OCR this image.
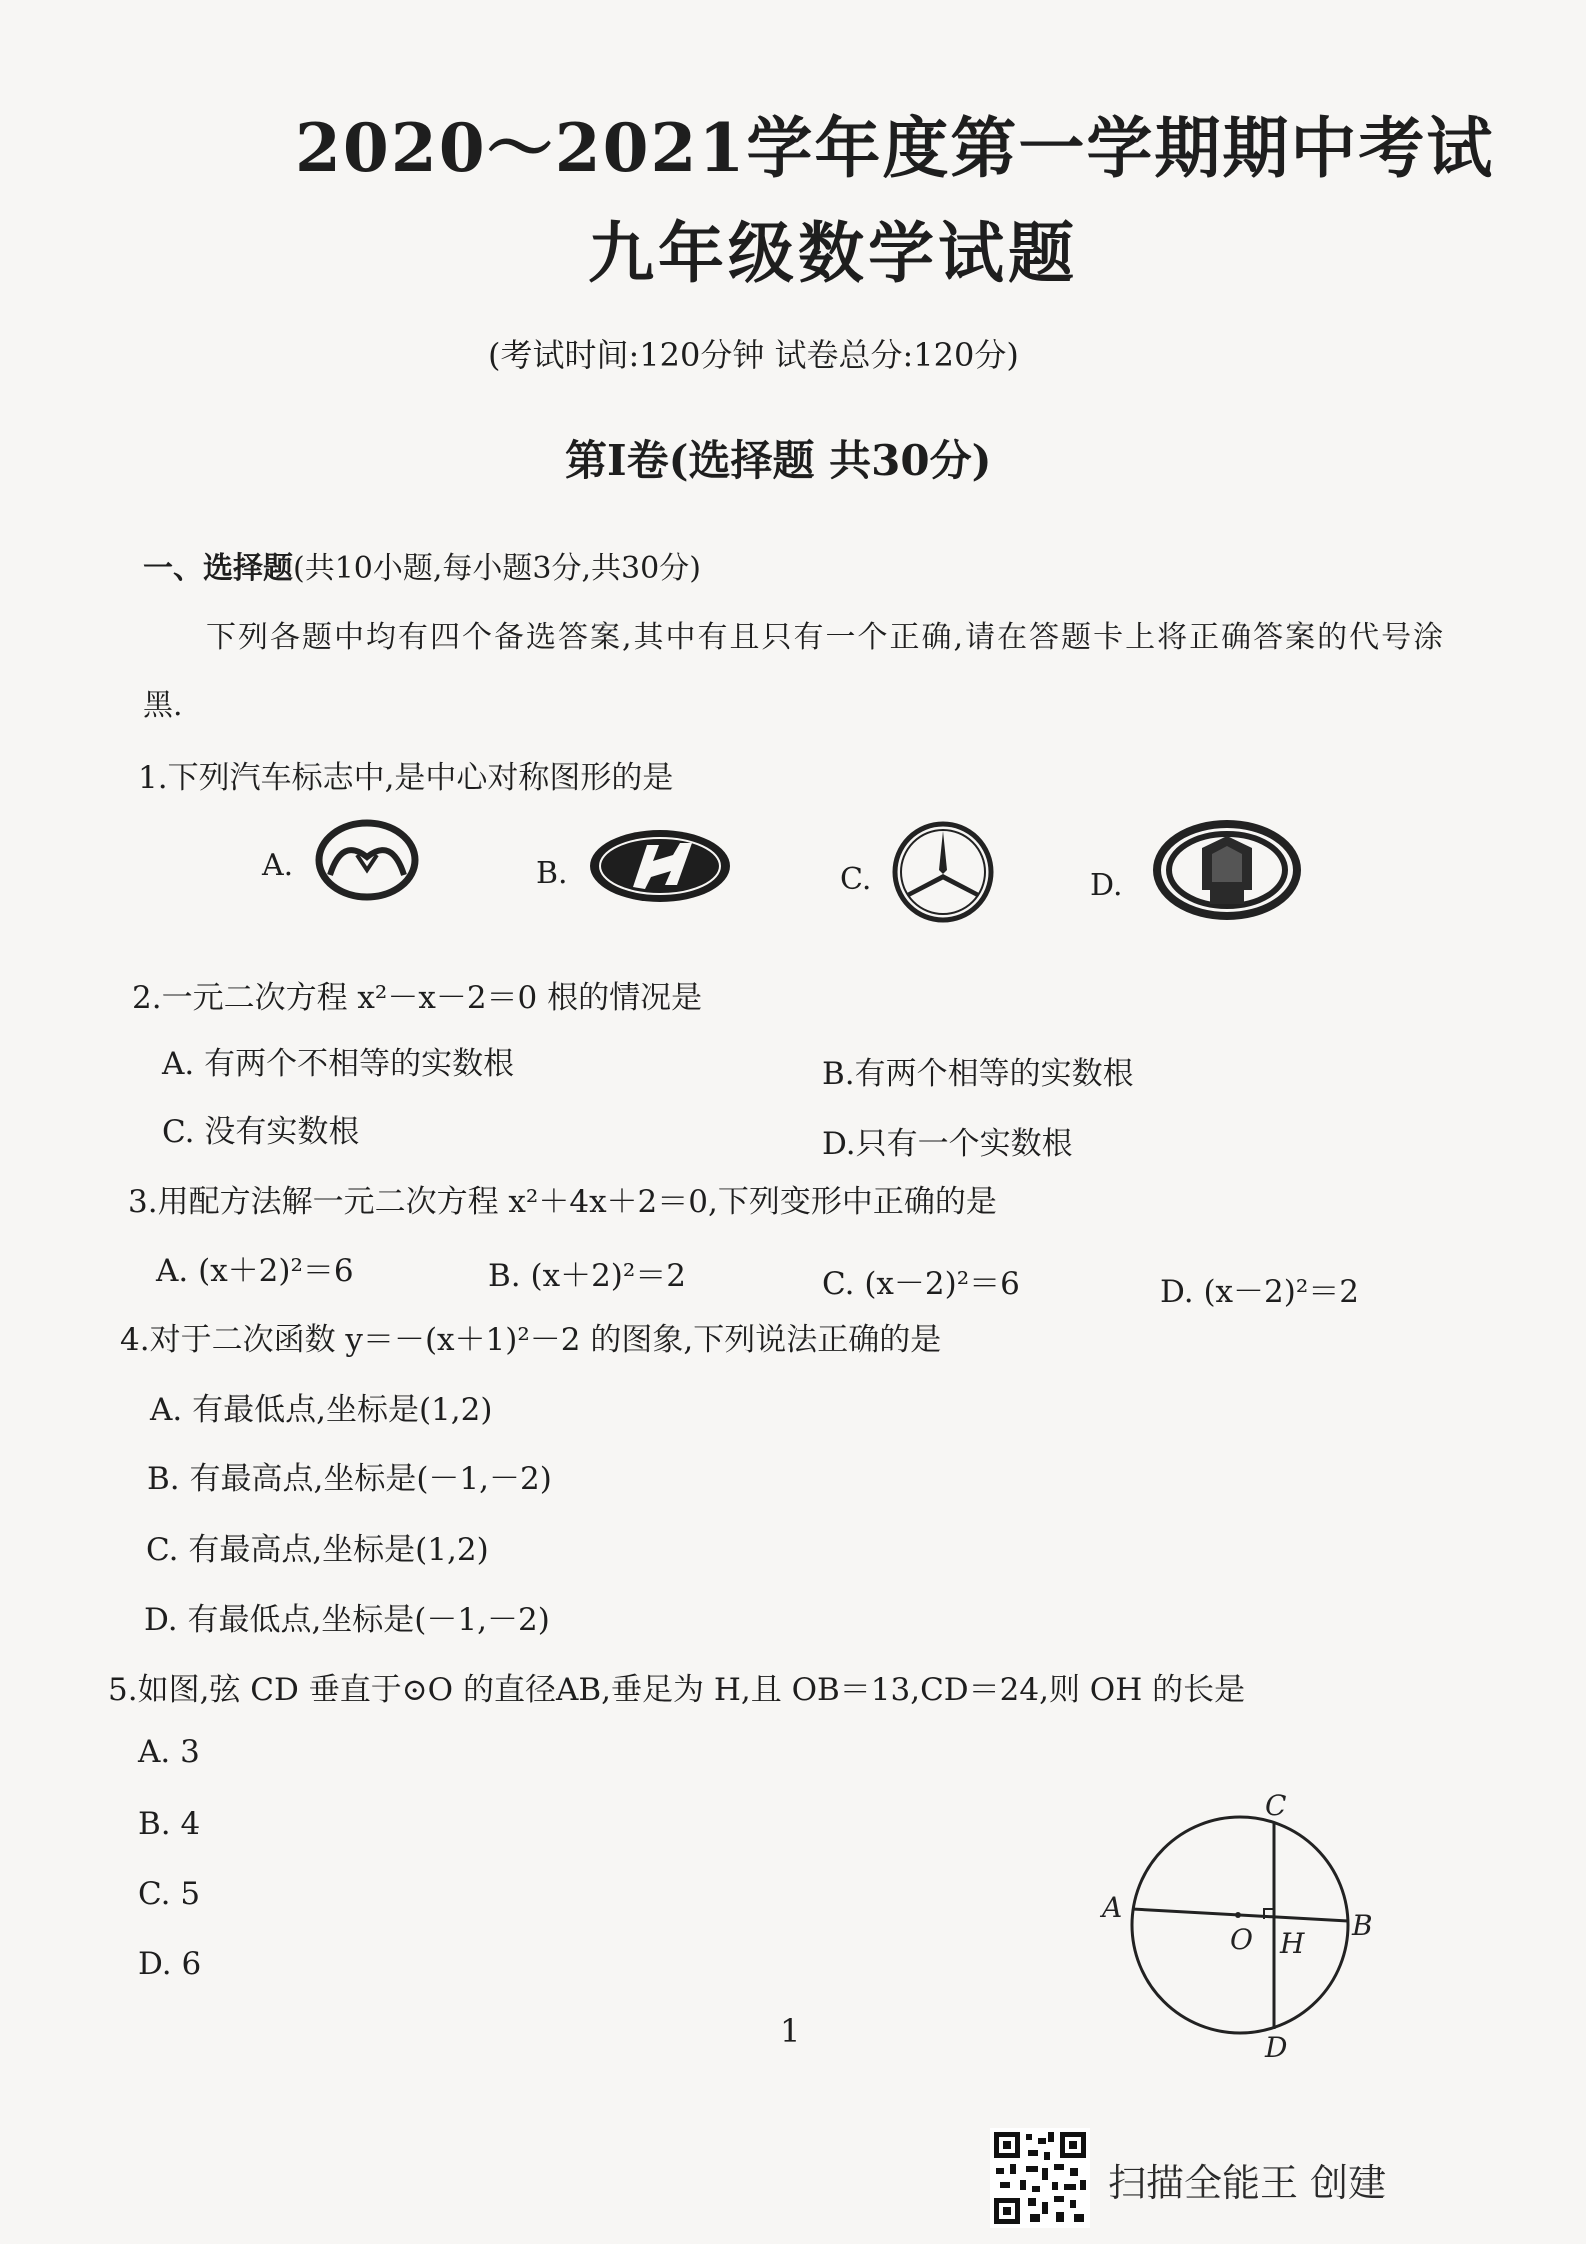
2020～2021学年度第一学期期中考试
九年级数学试题
(考试时间:120分钟 试卷总分:120分)
第Ⅰ卷(选择题 共30分)
一、选择题(共10小题,每小题3分,共30分)
下列各题中均有四个备选答案,其中有且只有一个正确,请在答题卡上将正确答案的代号涂
黑.
1.下列汽车标志中,是中心对称图形的是
A.	B.	C.	D.
2.一元二次方程 x²－x－2＝0 根的情况是
A. 有两个不相等的实数根	B.有两个相等的实数根
C. 没有实数根	D.只有一个实数根
3.用配方法解一元二次方程 x²＋4x＋2＝0,下列变形中正确的是
A. (x＋2)²＝6	B. (x＋2)²＝2	C. (x－2)²＝6	D. (x－2)²＝2
4.对于二次函数 y＝－(x＋1)²－2 的图象,下列说法正确的是
A. 有最低点,坐标是(1,2)
B. 有最高点,坐标是(－1,－2)
C. 有最高点,坐标是(1,2)
D. 有最低点,坐标是(－1,－2)
5.如图,弦 CD 垂直于⊙O 的直径AB,垂足为 H,且 OB＝13,CD＝24,则 OH 的长是
A. 3
B. 4
C. 5
D. 6
C
A
B
O H
D
1
扫描全能王 创建
